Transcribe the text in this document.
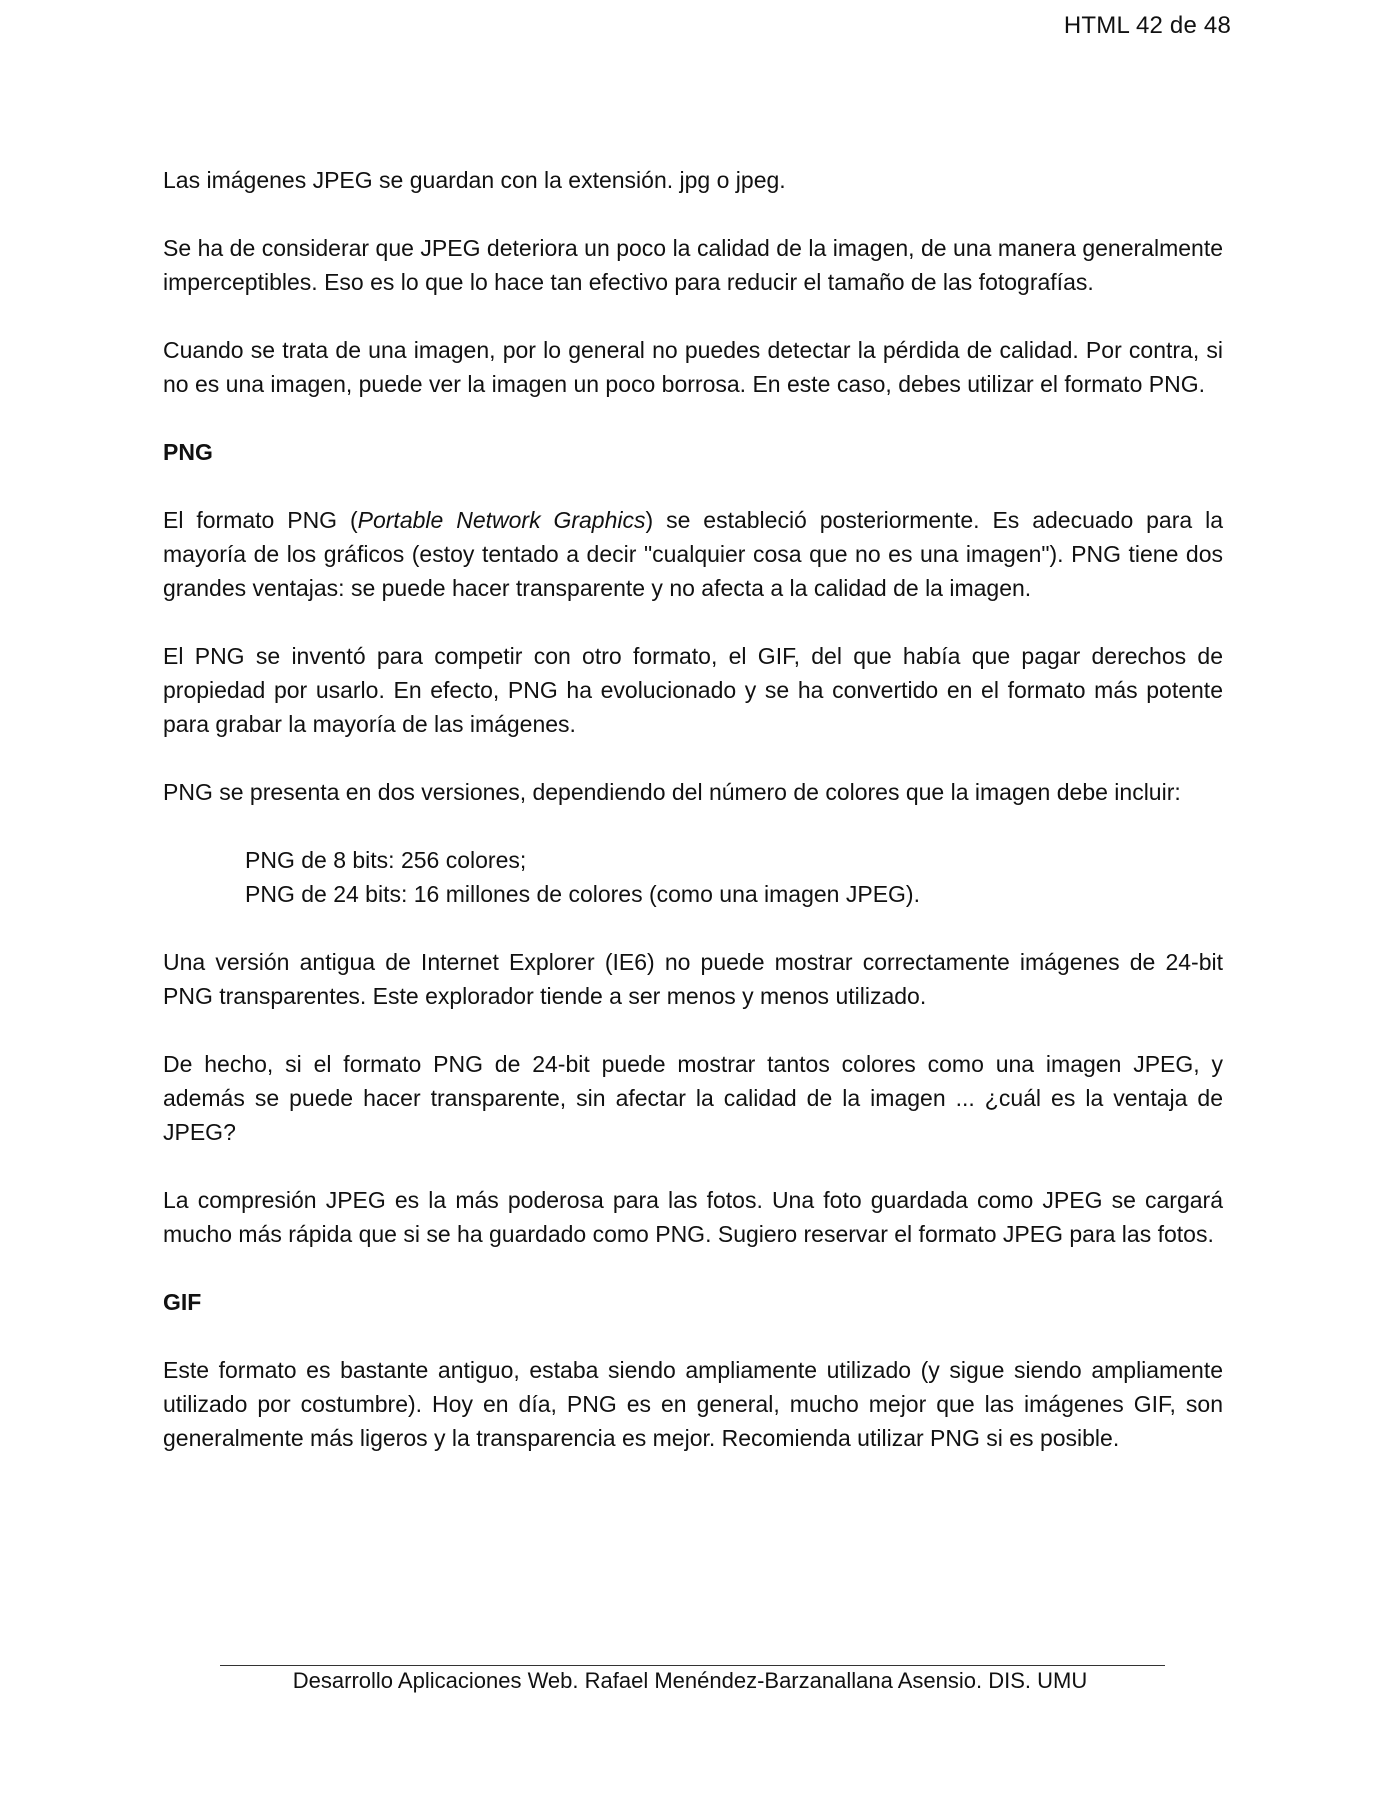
HTML 42 de 48

Las imágenes JPEG se guardan con la extensión. jpg o jpeg.

Se ha de considerar que JPEG deteriora un poco la calidad de la imagen, de una manera generalmente imperceptibles. Eso es lo que lo hace tan efectivo para reducir el tamaño de las fotografías.

Cuando se trata de una imagen, por lo general no puedes detectar la pérdida de calidad. Por contra, si no es una imagen, puede ver la imagen un poco borrosa. En este caso, debes utilizar el formato PNG.

PNG

El formato PNG (Portable Network Graphics) se estableció posteriormente. Es adecuado para la mayoría de los gráficos (estoy tentado a decir "cualquier cosa que no es una imagen"). PNG tiene dos grandes ventajas: se puede hacer transparente y no afecta a la calidad de la imagen.

El PNG se inventó para competir con otro formato, el GIF, del que había que pagar derechos de propiedad por usarlo. En efecto, PNG ha evolucionado y se ha convertido en el formato más potente para grabar la mayoría de las imágenes.

PNG se presenta en dos versiones, dependiendo del número de colores que la imagen debe incluir:

PNG de 8 bits: 256 colores;
PNG de 24 bits: 16 millones de colores (como una imagen JPEG).

Una versión antigua de Internet Explorer (IE6) no puede mostrar correctamente imágenes de 24-bit PNG transparentes. Este explorador tiende a ser menos y menos utilizado.

De hecho, si el formato PNG de 24-bit puede mostrar tantos colores como una imagen JPEG, y además se puede hacer transparente, sin afectar la calidad de la imagen ... ¿cuál es la ventaja de JPEG?

La compresión JPEG es la más poderosa para las fotos. Una foto guardada como JPEG se cargará mucho más rápida que si se ha guardado como PNG. Sugiero reservar el formato JPEG para las fotos.

GIF

Este formato es bastante antiguo, estaba siendo ampliamente utilizado (y sigue siendo ampliamente utilizado por costumbre). Hoy en día, PNG es en general, mucho mejor que las imágenes GIF, son generalmente más ligeros y la transparencia es mejor. Recomienda utilizar PNG si es posible.

Desarrollo Aplicaciones Web. Rafael Menéndez-Barzanallana Asensio. DIS. UMU
